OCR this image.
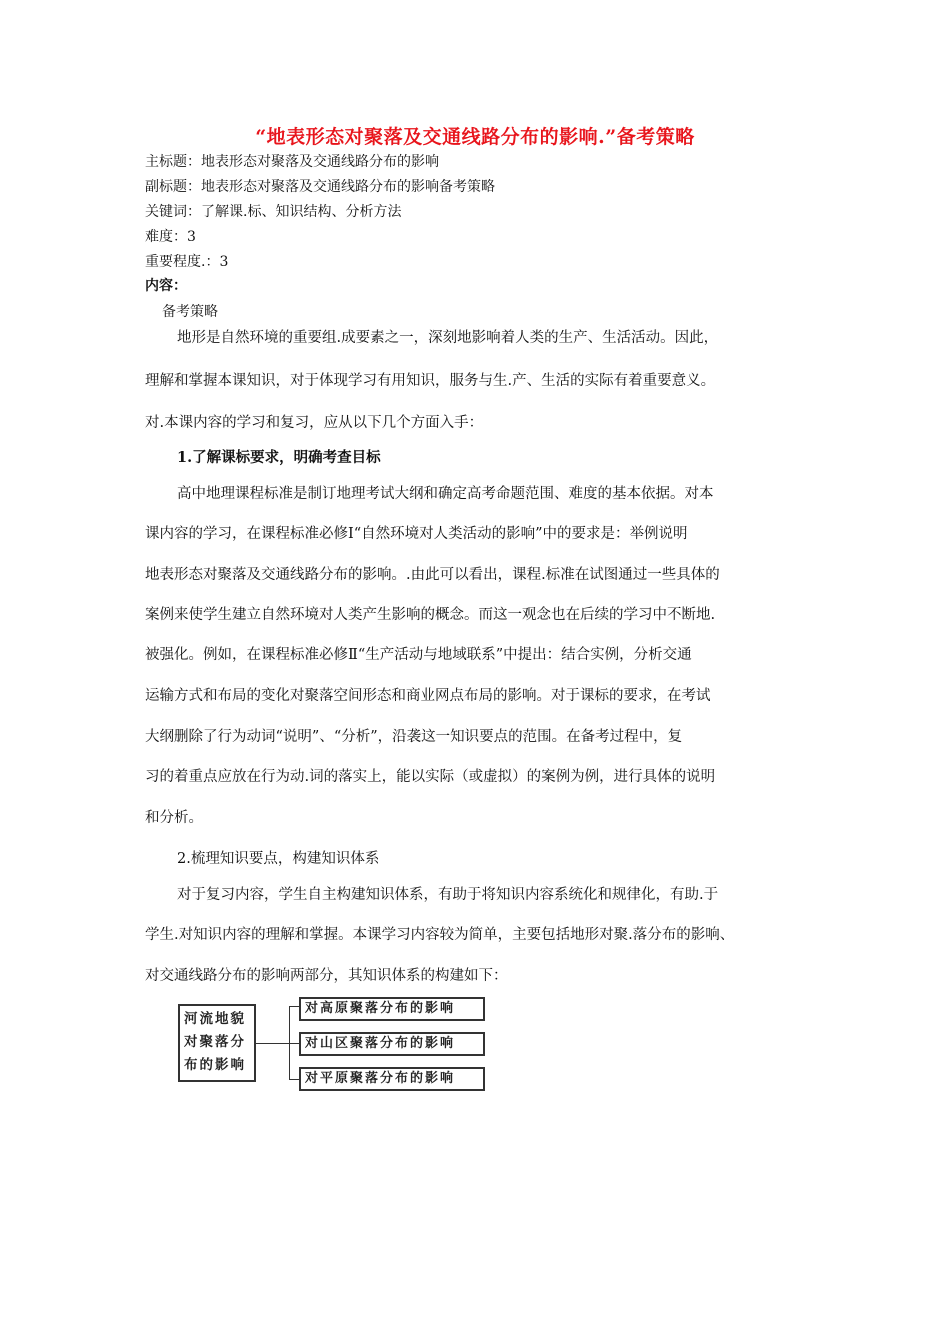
“地表形态对聚落及交通线路分布的影响.”备考策略
主标题：地表形态对聚落及交通线路分布的影响
副标题：地表形态对聚落及交通线路分布的影响备考策略
关键词：了解课.标、知识结构、分析方法
难度：3
重要程度.：3
内容：
备考策略
地形是自然环境的重要组.成要素之一，深刻地影响着人类的生产、生活活动。因此，
理解和掌握本课知识，对于体现学习有用知识，服务与生.产、生活的实际有着重要意义。
对.本课内容的学习和复习，应从以下几个方面入手：
1.了解课标要求，明确考查目标
高中地理课程标准是制订地理考试大纲和确定高考命题范围、难度的基本依据。对本
课内容的学习，在课程标准必修Ⅰ“自然环境对人类活动的影响”中的要求是：举例说明
地表形态对聚落及交通线路分布的影响。.由此可以看出，课程.标准在试图通过一些具体的
案例来使学生建立自然环境对人类产生影响的概念。而这一观念也在后续的学习中不断地.
被强化。例如，在课程标准必修Ⅱ“生产活动与地域联系”中提出：结合实例，分析交通
运输方式和布局的变化对聚落空间形态和商业网点布局的影响。对于课标的要求，在考试
大纲删除了行为动词“说明”、“分析”，沿袭这一知识要点的范围。在备考过程中，复
习的着重点应放在行为动.词的落实上，能以实际（或虚拟）的案例为例，进行具体的说明
和分析。
2.梳理知识要点，构建知识体系
对于复习内容，学生自主构建知识体系，有助于将知识内容系统化和规律化，有助.于
学生.对知识内容的理解和掌握。本课学习内容较为简单，主要包括地形对聚.落分布的影响、
对交通线路分布的影响两部分，其知识体系的构建如下：
河流地貌
对聚落分
布的影响
对高原聚落分布的影响
对山区聚落分布的影响
对平原聚落分布的影响
